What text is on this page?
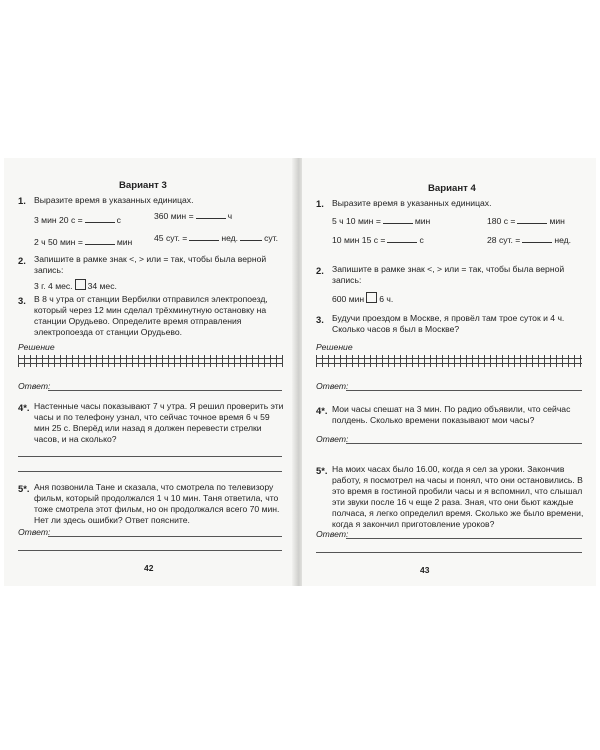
Вариант 3
1. Выразите время в указанных единицах.
3 мин 20 с =	с	360 мин =	ч
2 ч 50 мин =	мин	45 сут. =	нед.	сут.
2. Запишите в рамке знак <, > или = так, чтобы была верной
запись:
3 г. 4 мес. 34 мес.
3. В 8 ч утра от станции Вербилки отправился электропоезд, который через 12 мин сделал трёхминутную остановку на станции Орудьево. Определите время отправления электропоезда от станции Орудьево.
Решение
Ответ:
4*. Настенные часы показывают 7 ч утра. Я решил проверить эти часы и по телефону узнал, что сейчас точное время 6 ч 59 мин 25 с. Вперёд или назад я должен перевести стрелки часов, и на сколько?
5*. Аня позвонила Тане и сказала, что смотрела по телевизору фильм, который продолжался 1 ч 10 мин. Таня ответила, что тоже смотрела этот фильм, но он продолжался всего 70 мин. Нет ли здесь ошибки? Ответ поясните.
Ответ:
42
Вариант 4
1. Выразите время в указанных единицах.
5 ч 10 мин =	мин	180 с =	мин
10 мин 15 с =	с	28 сут. =	нед.
2. Запишите в рамке знак <, > или = так, чтобы была верной
запись:
600 мин 6 ч.
3. Будучи проездом в Москве, я провёл там трое суток и 4 ч. Сколько часов я был в Москве?
Решение
Ответ:
4*. Мои часы спешат на 3 мин. По радио объявили, что сейчас полдень. Сколько времени показывают мои часы?
Ответ:
5*. На моих часах было 16.00, когда я сел за уроки. Закончив работу, я посмотрел на часы и понял, что они остановились. В это время в гостиной пробили часы и я вспомнил, что слышал эти звуки после 16 ч еще 2 раза. Зная, что они бьют каждые полчаса, я легко определил время. Сколько же было времени, когда я закончил приготовление уроков?
Ответ:
43
